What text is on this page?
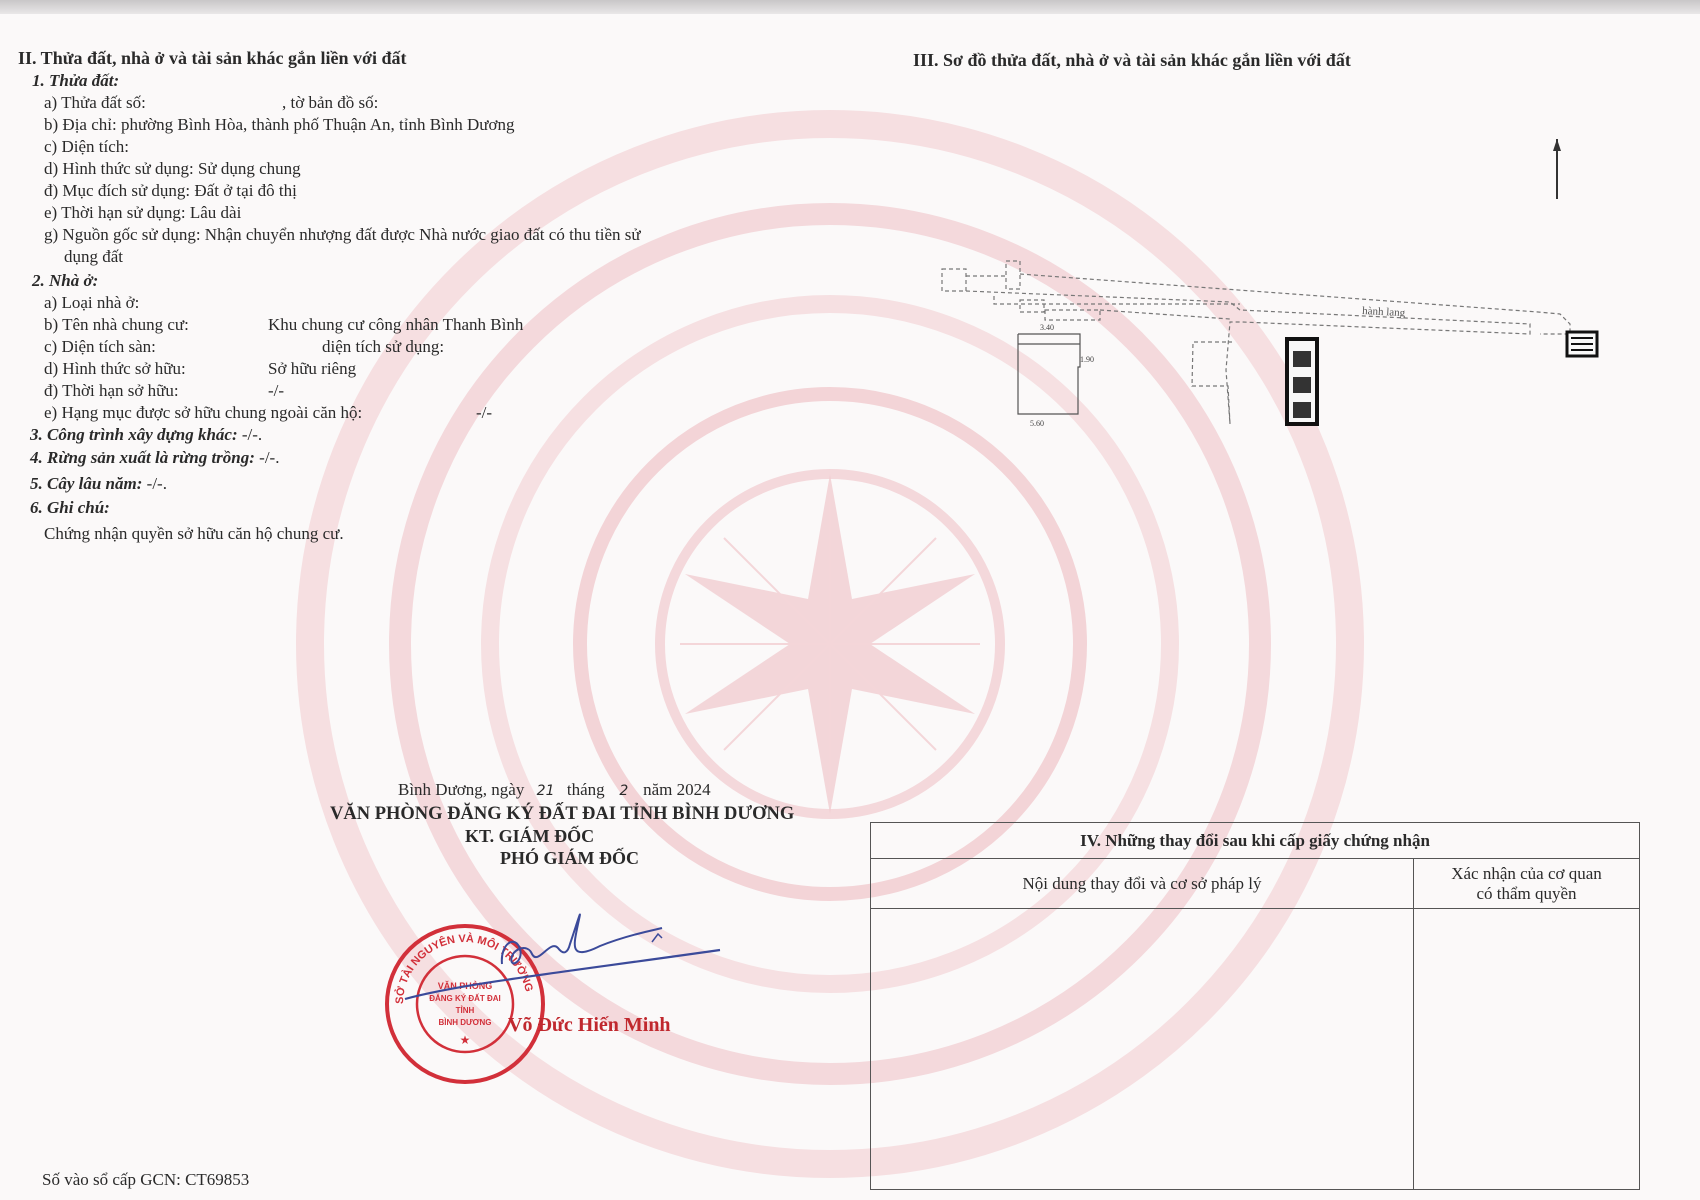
II. Thửa đất, nhà ở và tài sản khác gắn liền với đất
1. Thửa đất:
a) Thửa đất số:	, tờ bản đồ số:
b) Địa chỉ: phường Bình Hòa, thành phố Thuận An, tỉnh Bình Dương
c) Diện tích:
d) Hình thức sử dụng: Sử dụng chung
đ) Mục đích sử dụng: Đất ở tại đô thị
e) Thời hạn sử dụng: Lâu dài
g) Nguồn gốc sử dụng: Nhận chuyển nhượng đất được Nhà nước giao đất có thu tiền sử
dụng đất
2. Nhà ở:
a) Loại nhà ở:
b) Tên nhà chung cư:	Khu chung cư công nhân Thanh Bình
c) Diện tích sàn:	diện tích sử dụng:
d) Hình thức sở hữu:	Sở hữu riêng
đ) Thời hạn sở hữu:	-/-
e) Hạng mục được sở hữu chung ngoài căn hộ:	-/-
3. Công trình xây dựng khác: -/-.
4. Rừng sản xuất là rừng trồng: -/-.
5. Cây lâu năm: -/-.
6. Ghi chú:
Chứng nhận quyền sở hữu căn hộ chung cư.
III. Sơ đồ thửa đất, nhà ở và tài sản khác gắn liền với đất
hành lang
3.40
1.90
5.60
Bình Dương, ngày 21 tháng 2 năm 2024
VĂN PHÒNG ĐĂNG KÝ ĐẤT ĐAI TỈNH BÌNH DƯƠNG
KT. GIÁM ĐỐC
PHÓ GIÁM ĐỐC
SỞ TÀI NGUYÊN VÀ MÔI TRƯỜNG
VĂN PHÒNG
ĐĂNG KÝ ĐẤT ĐAI
TỈNH
BÌNH DƯƠNG
★
Võ Đức Hiến Minh
IV. Những thay đổi sau khi cấp giấy chứng nhận	
Nội dung thay đổi và cơ sở pháp lý	Xác nhận của cơ quan
có thẩm quyền

Số vào sổ cấp GCN: CT69853
